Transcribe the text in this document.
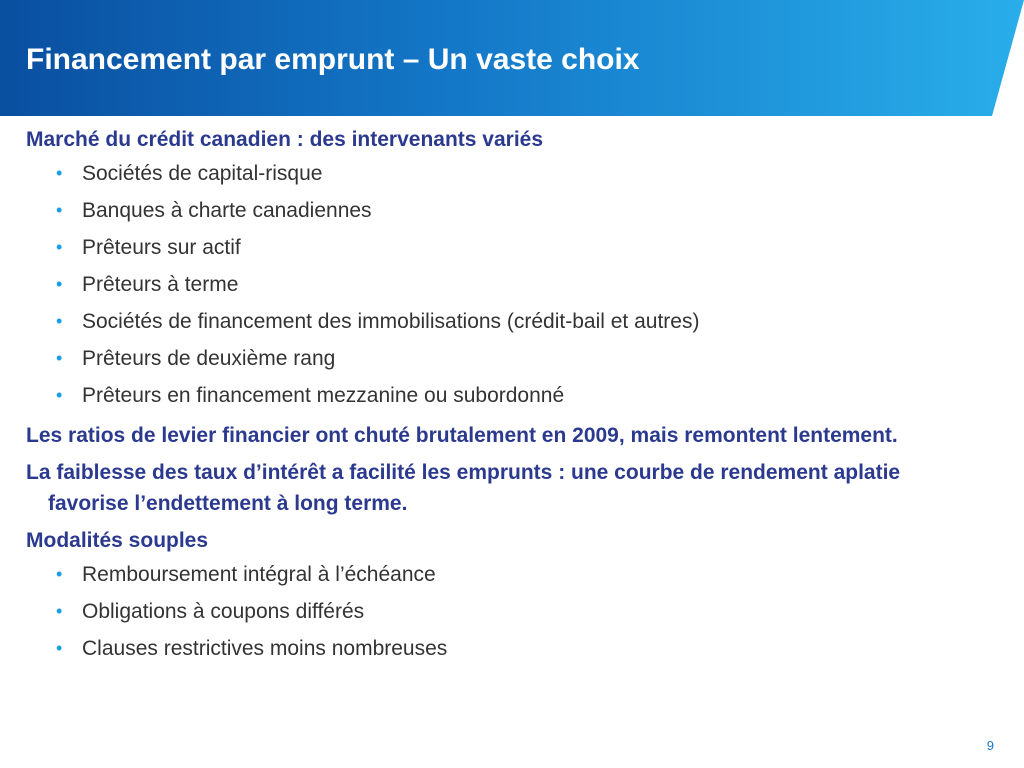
Financement par emprunt – Un vaste choix
Marché du crédit canadien : des intervenants variés
• Sociétés de capital-risque
• Banques à charte canadiennes
• Prêteurs sur actif
• Prêteurs à terme
• Sociétés de financement des immobilisations (crédit-bail et autres)
• Prêteurs de deuxième rang
• Prêteurs en financement mezzanine ou subordonné
Les ratios de levier financier ont chuté brutalement en 2009, mais remontent lentement.
La faiblesse des taux d’intérêt a facilité les emprunts : une courbe de rendement aplatie favorise l’endettement à long terme.
Modalités souples
• Remboursement intégral à l’échéance
• Obligations à coupons différés
• Clauses restrictives moins nombreuses
9
